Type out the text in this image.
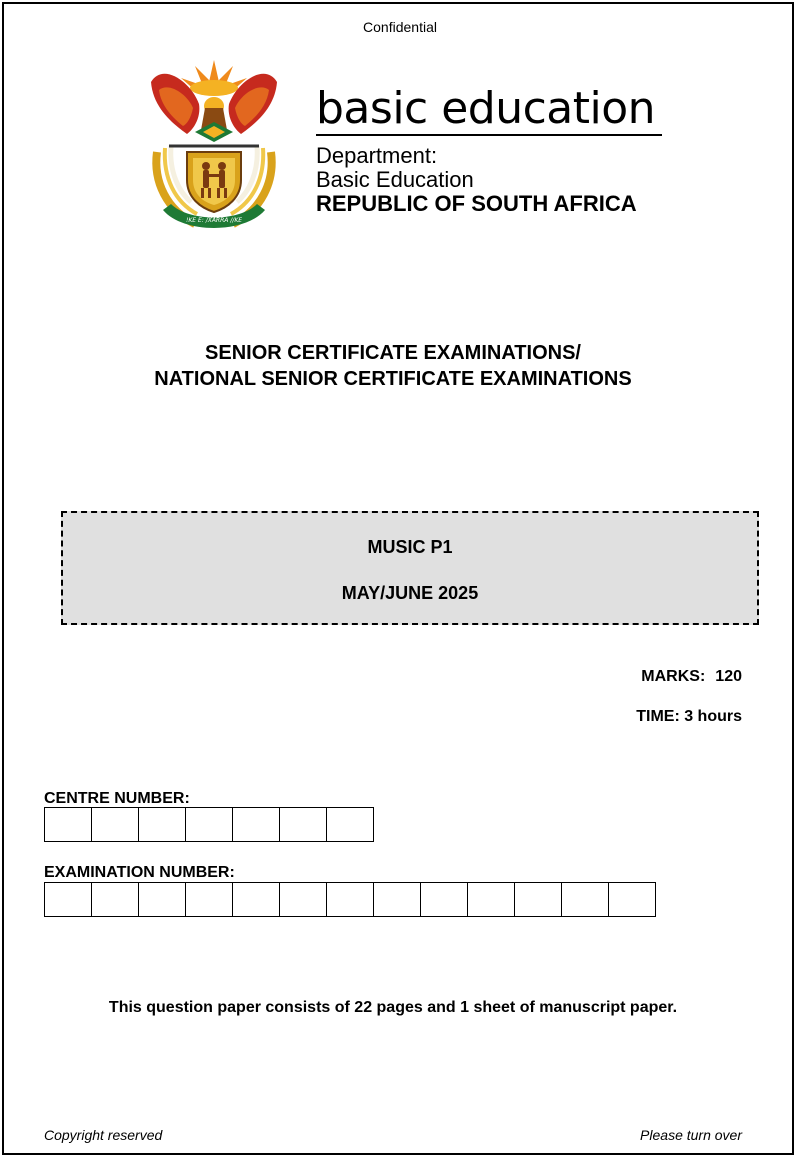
Confidential
!KE E: /XARRA //KE
basic education
Department:
Basic Education
REPUBLIC OF SOUTH AFRICA
SENIOR CERTIFICATE EXAMINATIONS/
NATIONAL SENIOR CERTIFICATE EXAMINATIONS
MUSIC P1
MAY/JUNE 2025
MARKS: 120
TIME: 3 hours
CENTRE NUMBER:
EXAMINATION NUMBER:
This question paper consists of 22 pages and 1 sheet of manuscript paper.
Copyright reserved	Please turn over
